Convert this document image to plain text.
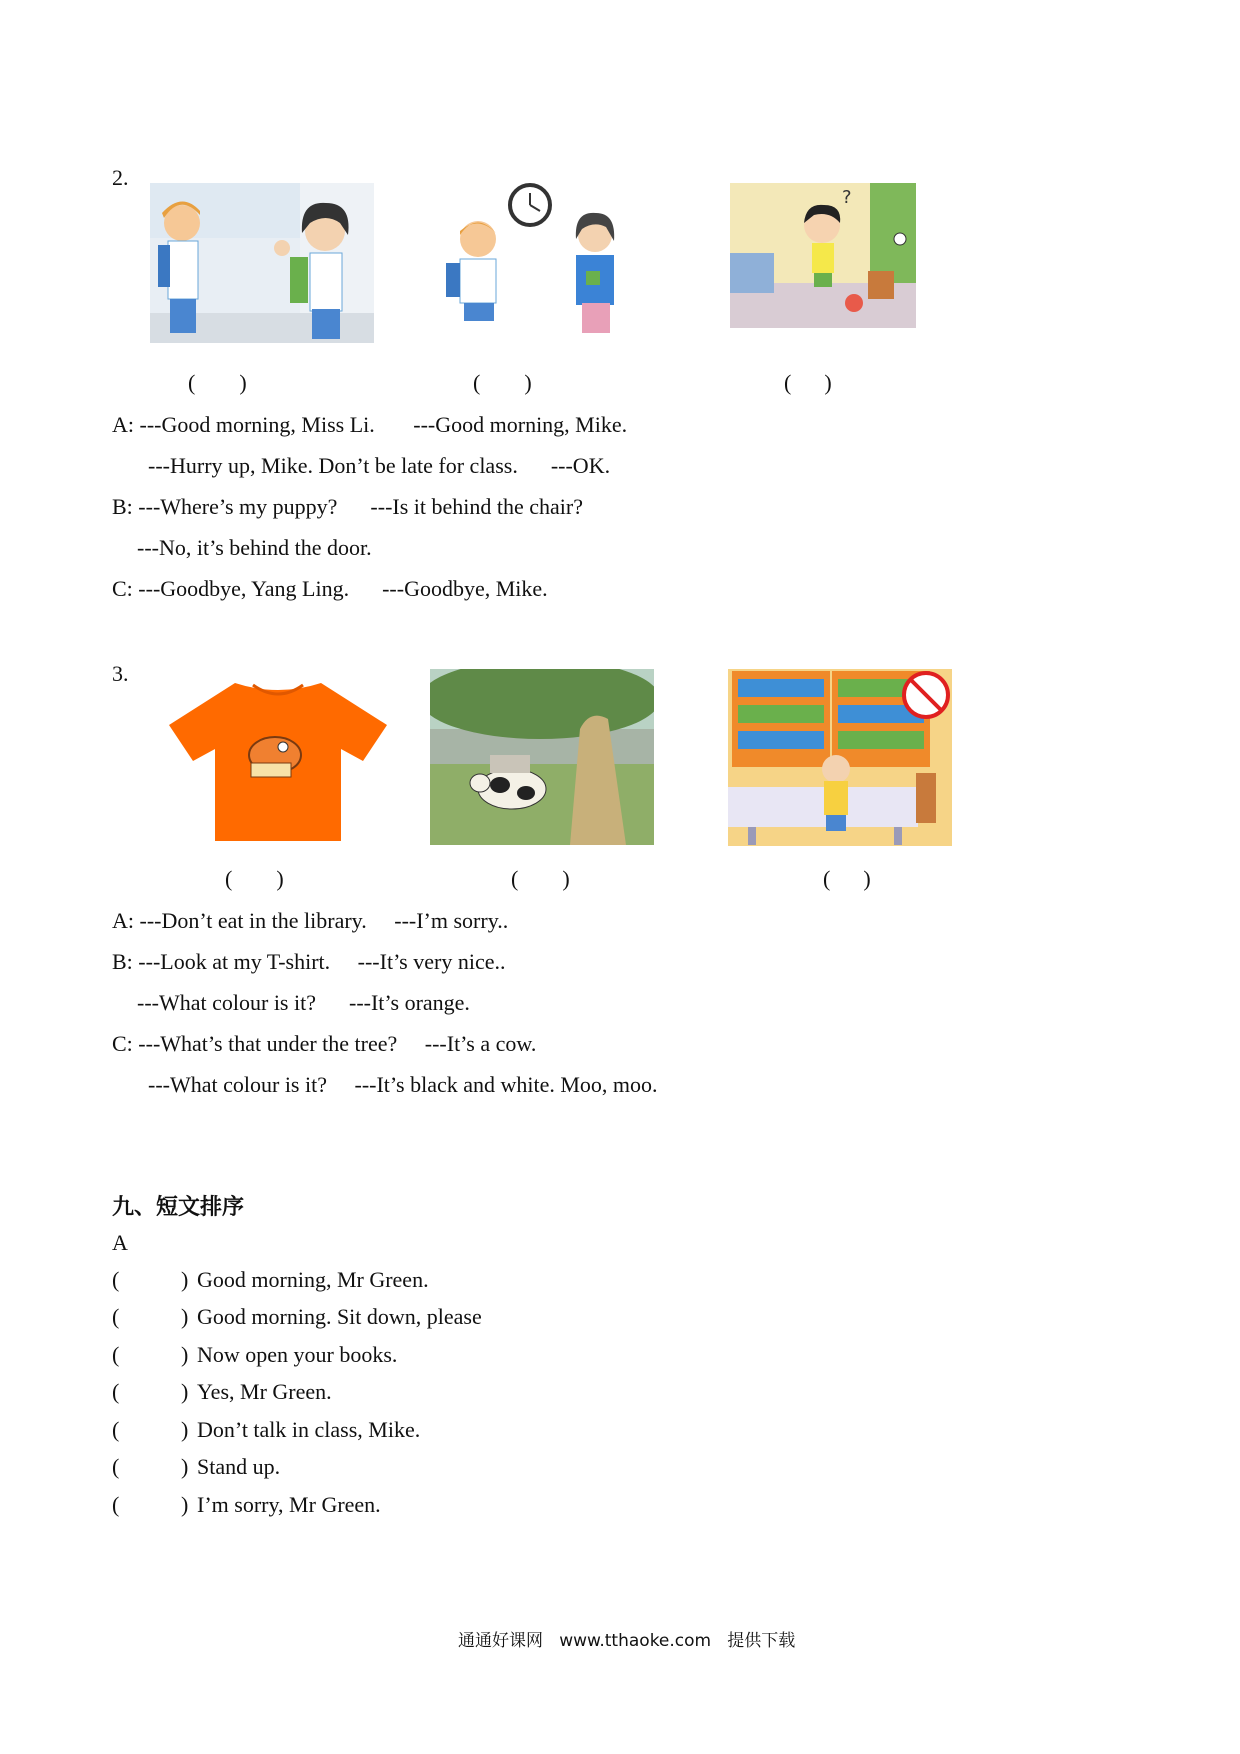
2.
?
(        )	(        )	(      )
A: ---Good morning, Miss Li.       ---Good morning, Mike.
---Hurry up, Mike. Don’t be late for class.      ---OK.
B: ---Where’s my puppy?      ---Is it behind the chair?
---No, it’s behind the door.
C: ---Goodbye, Yang Ling.      ---Goodbye, Mike.
3.
(        )	(        )	(      )
A: ---Don’t eat in the library.     ---I’m sorry..
B: ---Look at my T-shirt.     ---It’s very nice..
---What colour is it?      ---It’s orange.
C: ---What’s that under the tree?     ---It’s a cow.
---What colour is it?     ---It’s black and white. Moo, moo.
九、短文排序
A
(	) Good morning, Mr Green.
(	) Good morning. Sit down, please
(	) Now open your books.
(	) Yes, Mr Green.
(	) Don’t talk in class, Mike.
(	) Stand up.
(	) I’m sorry, Mr Green.
通通好课网   www.tthaoke.com   提供下载
